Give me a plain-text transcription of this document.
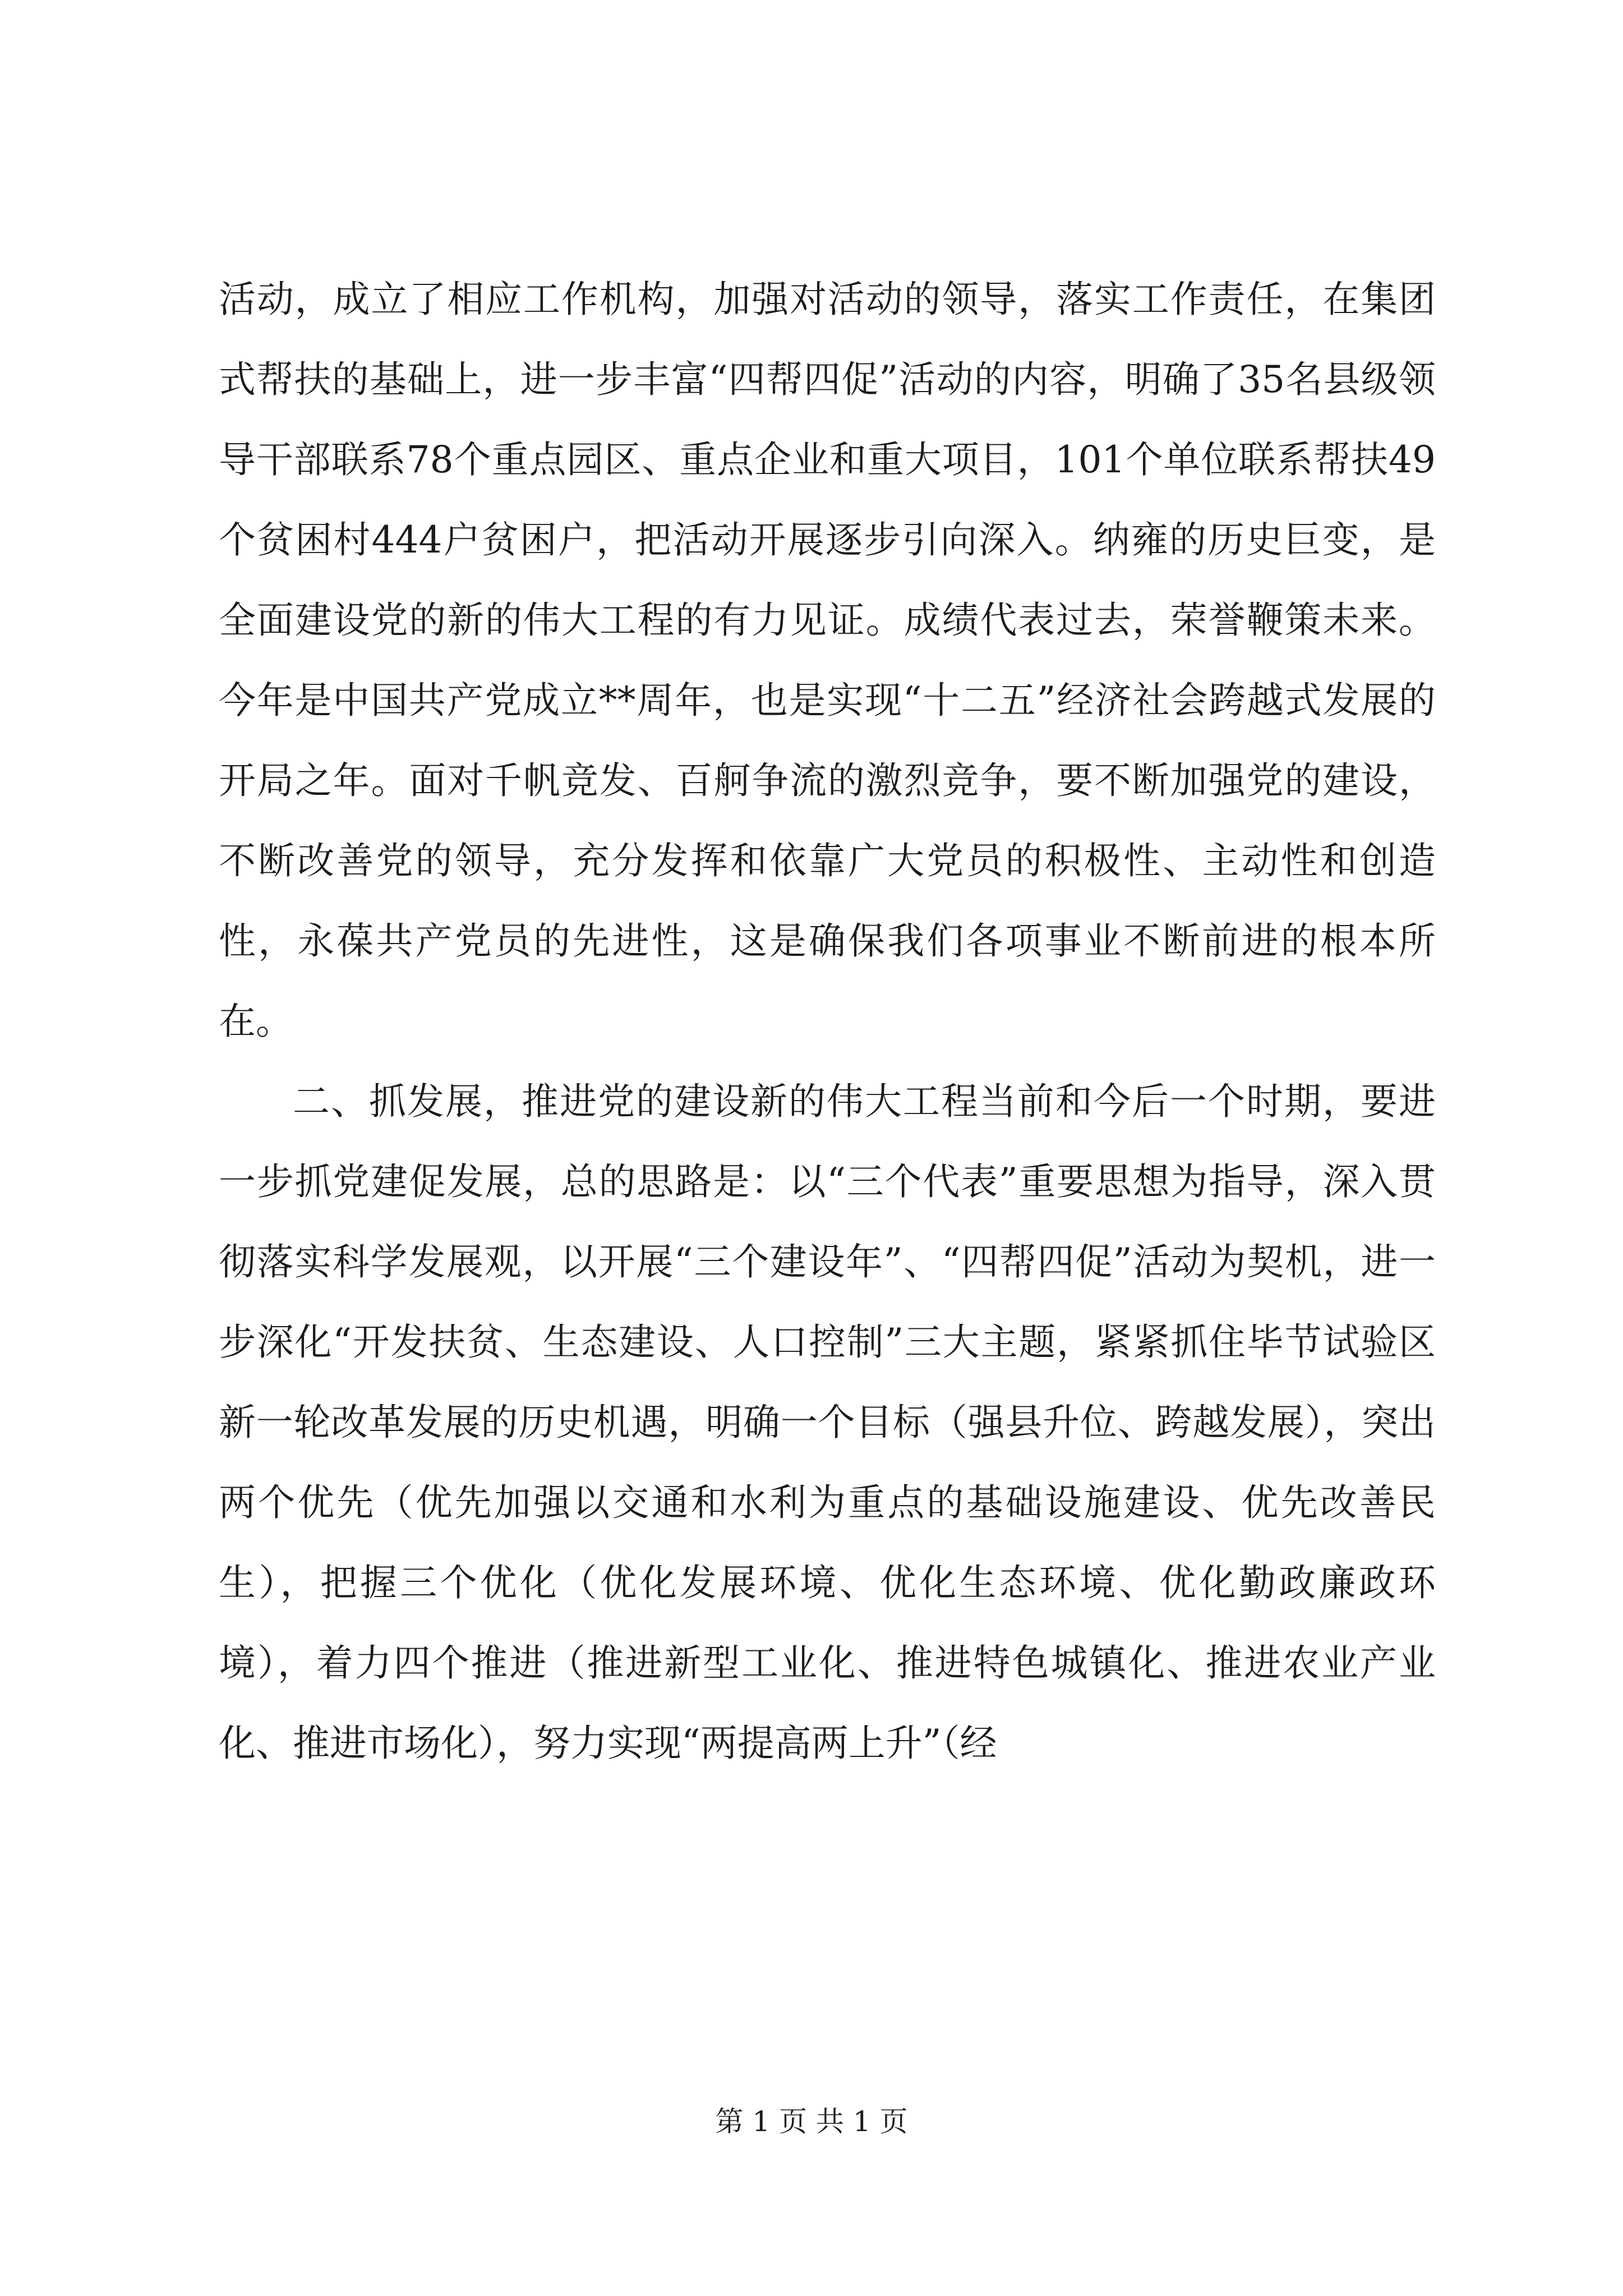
活动，成立了相应工作机构，加强对活动的领导，落实工作责任，在集团式帮扶的基础上，进一步丰富“四帮四促”活动的内容，明确了35名县级领导干部联系78个重点园区、重点企业和重大项目，101个单位联系帮扶49个贫困村444户贫困户，把活动开展逐步引向深入。纳雍的历史巨变，是全面建设党的新的伟大工程的有力见证。成绩代表过去，荣誉鞭策未来。今年是中国共产党成立**周年，也是实现“十二五”经济社会跨越式发展的开局之年。面对千帆竞发、百舸争流的激烈竞争，要不断加强党的建设，不断改善党的领导，充分发挥和依靠广大党员的积极性、主动性和创造性，永葆共产党员的先进性，这是确保我们各项事业不断前进的根本所在。

二、抓发展，推进党的建设新的伟大工程当前和今后一个时期，要进一步抓党建促发展，总的思路是：以“三个代表”重要思想为指导，深入贯彻落实科学发展观，以开展“三个建设年”、“四帮四促”活动为契机，进一步深化“开发扶贫、生态建设、人口控制”三大主题，紧紧抓住毕节试验区新一轮改革发展的历史机遇，明确一个目标（强县升位、跨越发展），突出两个优先（优先加强以交通和水利为重点的基础设施建设、优先改善民生），把握三个优化（优化发展环境、优化生态环境、优化勤政廉政环境），着力四个推进（推进新型工业化、推进特色城镇化、推进农业产业化、推进市场化），努力实现“两提高两上升”（经

第 1 页 共 1 页
